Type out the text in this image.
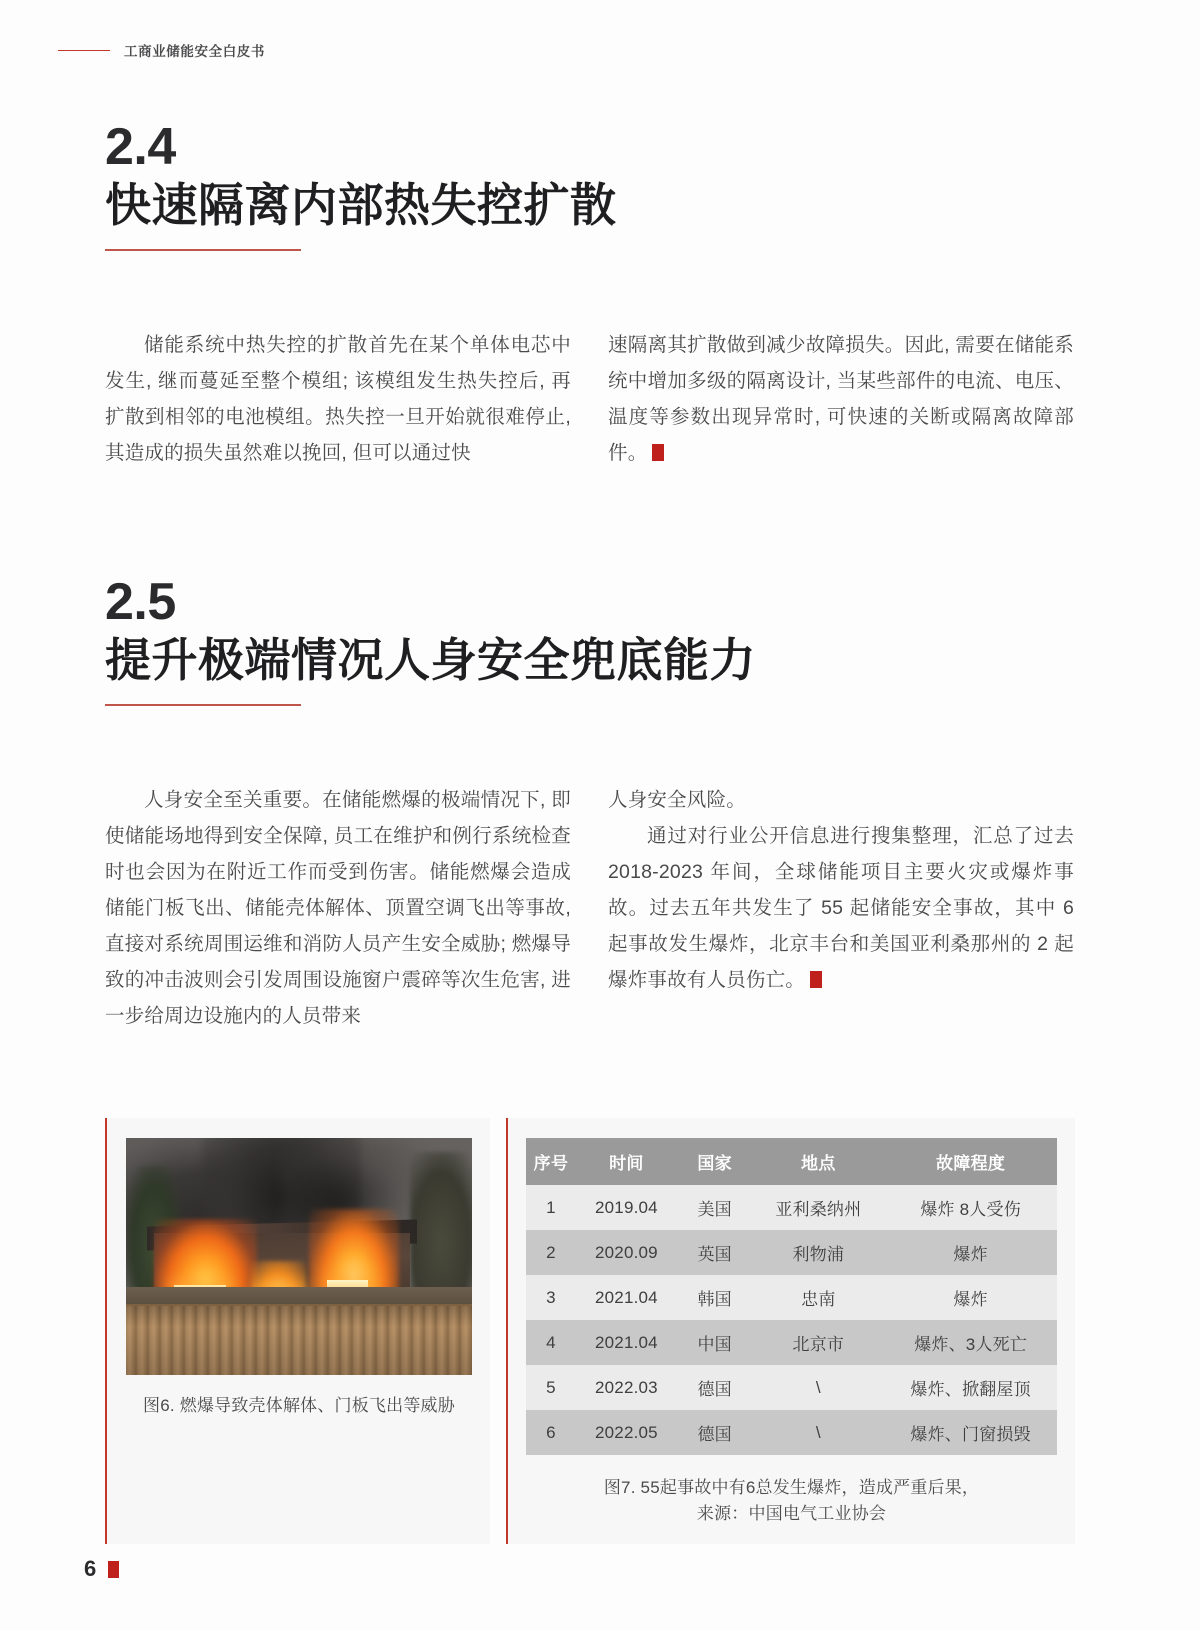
工商业储能安全白皮书
2.4
快速隔离内部热失控扩散

储能系统中热失控的扩散首先在某个单体电芯中发生, 继而蔓延至整个模组; 该模组发生热失控后, 再扩散到相邻的电池模组。热失控一旦开始就很难停止, 其造成的损失虽然难以挽回, 但可以通过快

速隔离其扩散做到减少故障损失。因此, 需要在储能系统中增加多级的隔离设计, 当某些部件的电流、电压、温度等参数出现异常时, 可快速的关断或隔离故障部件。

2.5
提升极端情况人身安全兜底能力

人身安全至关重要。在储能燃爆的极端情况下, 即使储能场地得到安全保障, 员工在维护和例行系统检查时也会因为在附近工作而受到伤害。储能燃爆会造成储能门板飞出、储能壳体解体、顶置空调飞出等事故, 直接对系统周围运维和消防人员产生安全威胁; 燃爆导致的冲击波则会引发周围设施窗户震碎等次生危害, 进一步给周边设施内的人员带来

人身安全风险。

通过对行业公开信息进行搜集整理，汇总了过去 2018-2023 年间，全球储能项目主要火灾或爆炸事故。过去五年共发生了 55 起储能安全事故，其中 6 起事故发生爆炸，北京丰台和美国亚利桑那州的 2 起爆炸事故有人员伤亡。

图6. 燃爆导致壳体解体、门板飞出等威胁
序号	时间	国家	地点	故障程度
1	2019.04	美国	亚利桑纳州	爆炸 8人受伤
2	2020.09	英国	利物浦	爆炸
3	2021.04	韩国	忠南	爆炸
4	2021.04	中国	北京市	爆炸、3人死亡
5	2022.03	德国	\	爆炸、掀翻屋顶
6	2022.05	德国	\	爆炸、门窗损毁
图7. 55起事故中有6总发生爆炸，造成严重后果，
来源：中国电气工业协会
6
